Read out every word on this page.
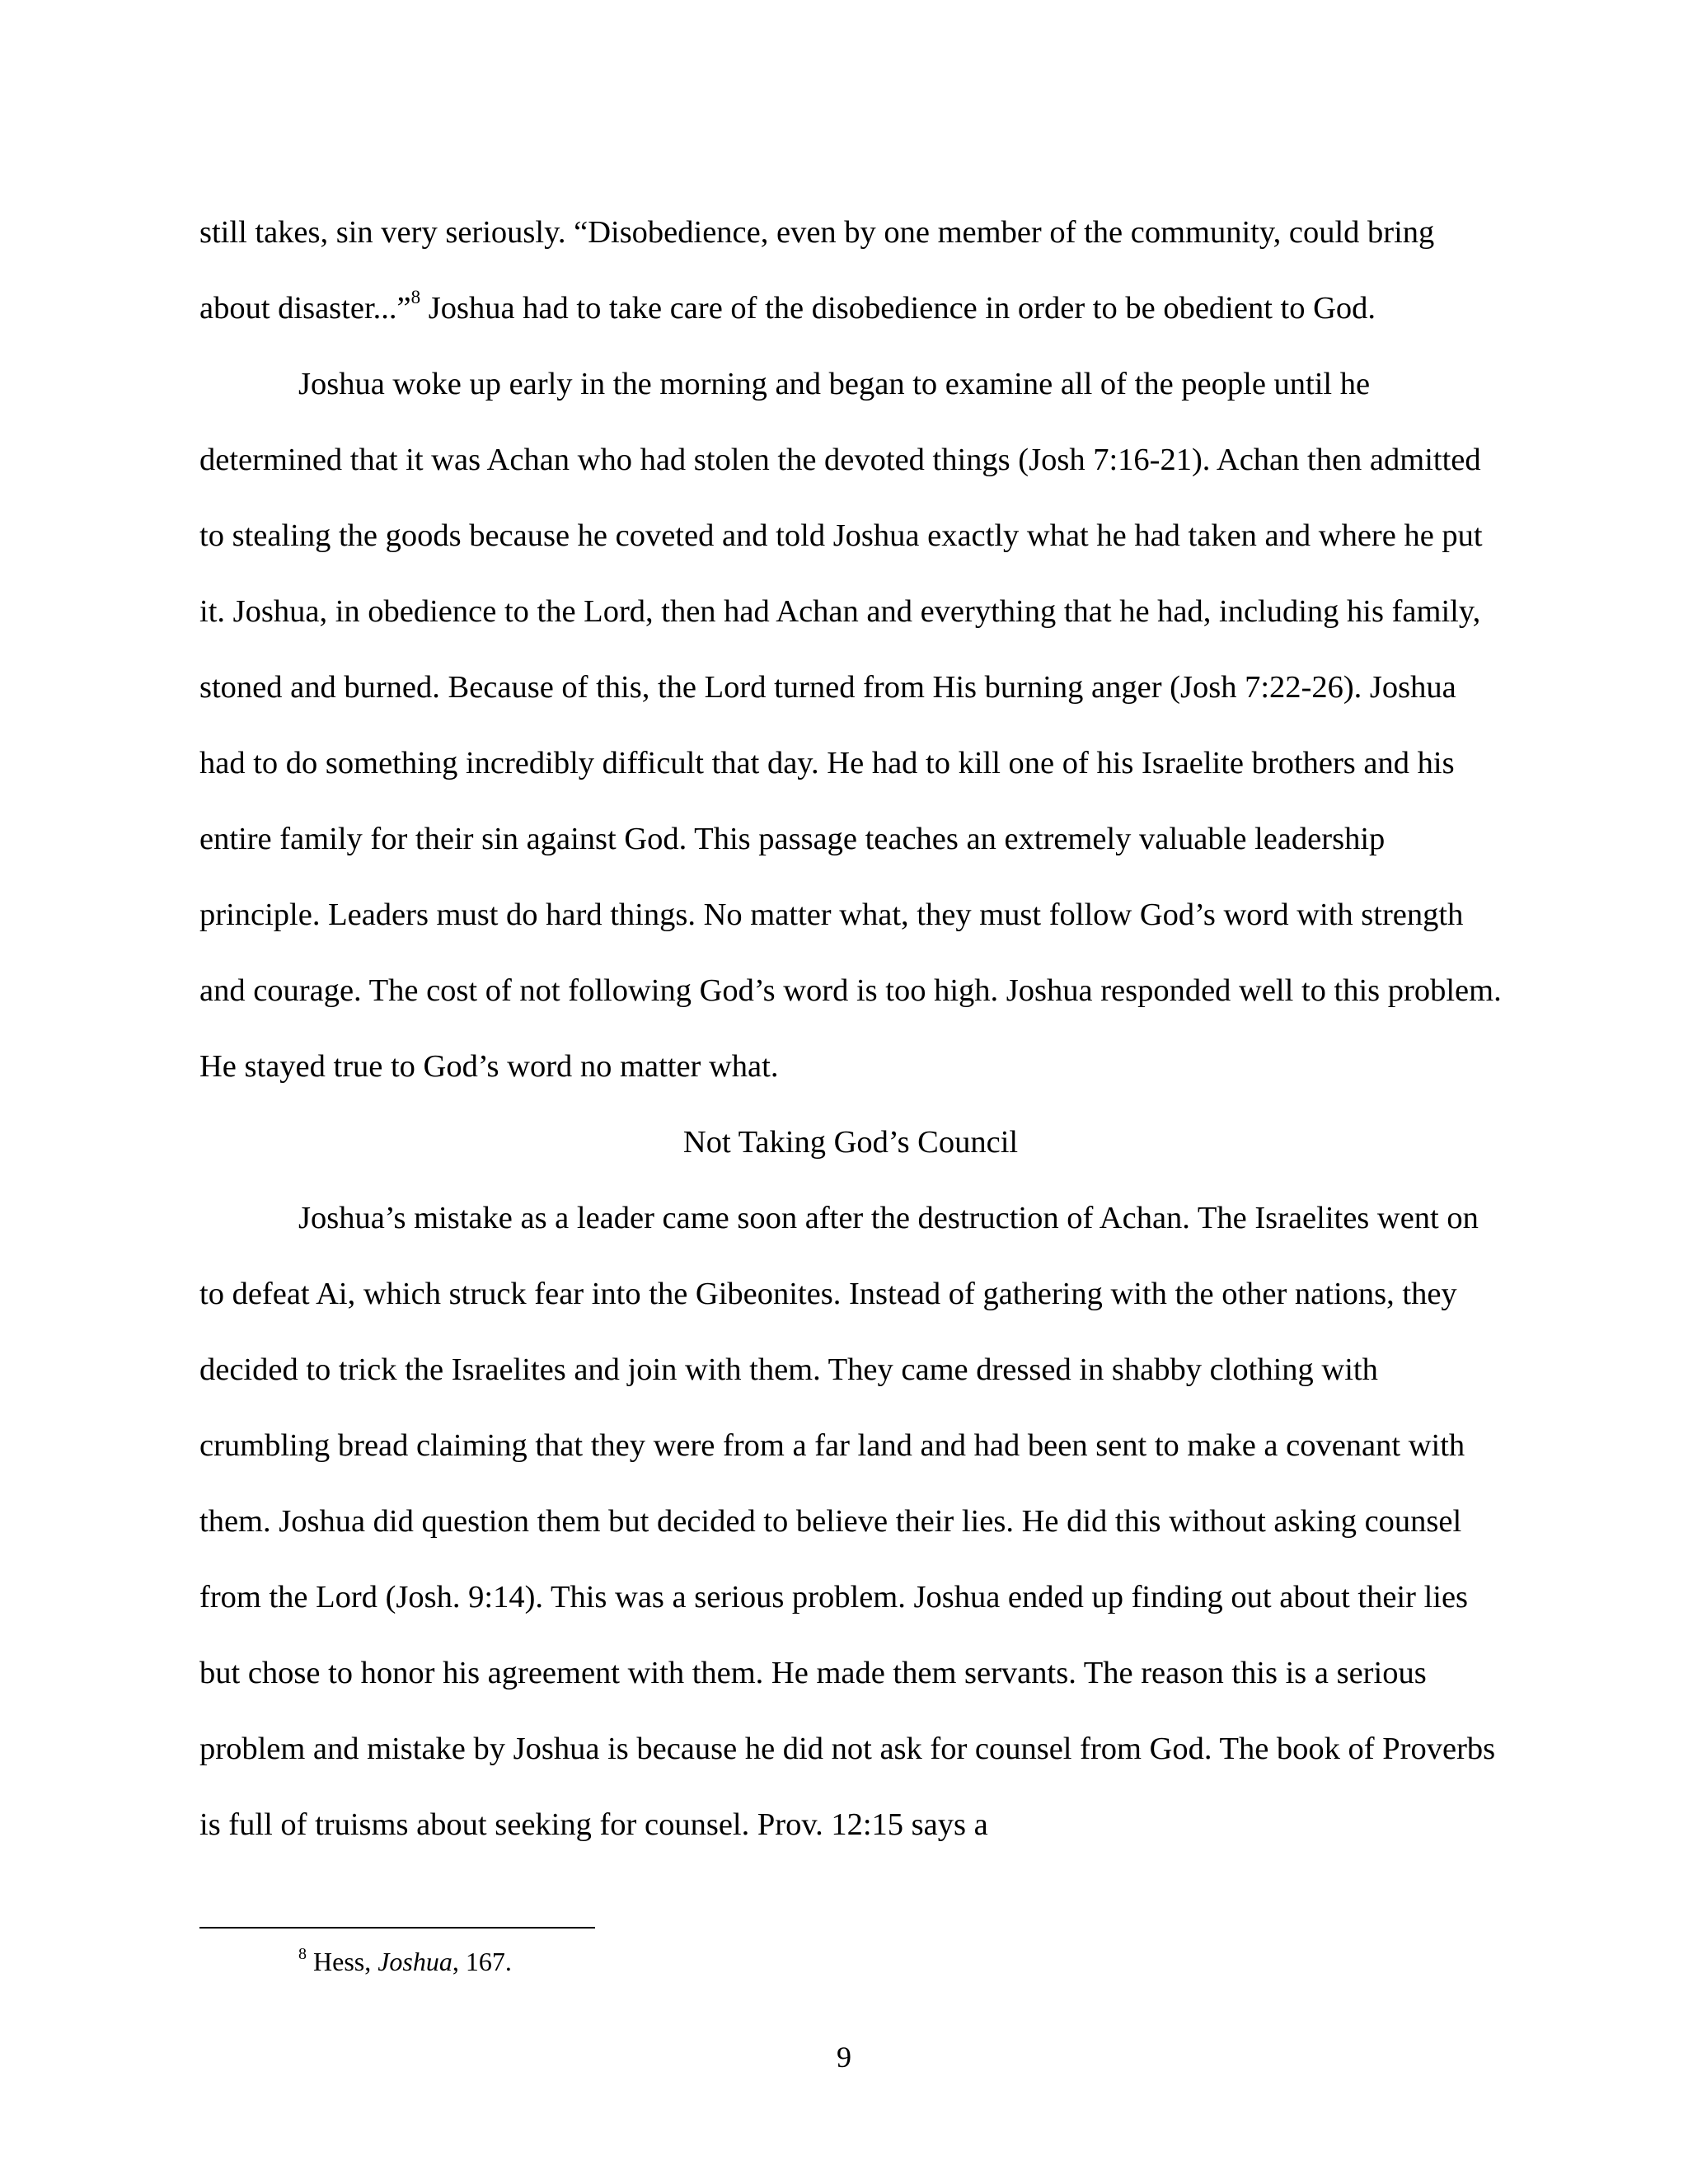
still takes, sin very seriously. “Disobedience, even by one member of the community, could bring about disaster...”$^8$ Joshua had to take care of the disobedience in order to be obedient to God.

Joshua woke up early in the morning and began to examine all of the people until he determined that it was Achan who had stolen the devoted things (Josh 7:16-21). Achan then admitted to stealing the goods because he coveted and told Joshua exactly what he had taken and where he put it. Joshua, in obedience to the Lord, then had Achan and everything that he had, including his family, stoned and burned. Because of this, the Lord turned from His burning anger (Josh 7:22-26). Joshua had to do something incredibly difficult that day. He had to kill one of his Israelite brothers and his entire family for their sin against God. This passage teaches an extremely valuable leadership principle. Leaders must do hard things. No matter what, they must follow God’s word with strength and courage. The cost of not following God’s word is too high. Joshua responded well to this problem. He stayed true to God’s word no matter what.

Not Taking God’s Council

Joshua’s mistake as a leader came soon after the destruction of Achan. The Israelites went on to defeat Ai, which struck fear into the Gibeonites. Instead of gathering with the other nations, they decided to trick the Israelites and join with them. They came dressed in shabby clothing with crumbling bread claiming that they were from a far land and had been sent to make a covenant with them. Joshua did question them but decided to believe their lies. He did this without asking counsel from the Lord (Josh. 9:14). This was a serious problem. Joshua ended up finding out about their lies but chose to honor his agreement with them. He made them servants. The reason this is a serious problem and mistake by Joshua is because he did not ask for counsel from God. The book of Proverbs is full of truisms about seeking for counsel. Prov. 12:15 says a

$^8$ Hess, Joshua, 167.
9
